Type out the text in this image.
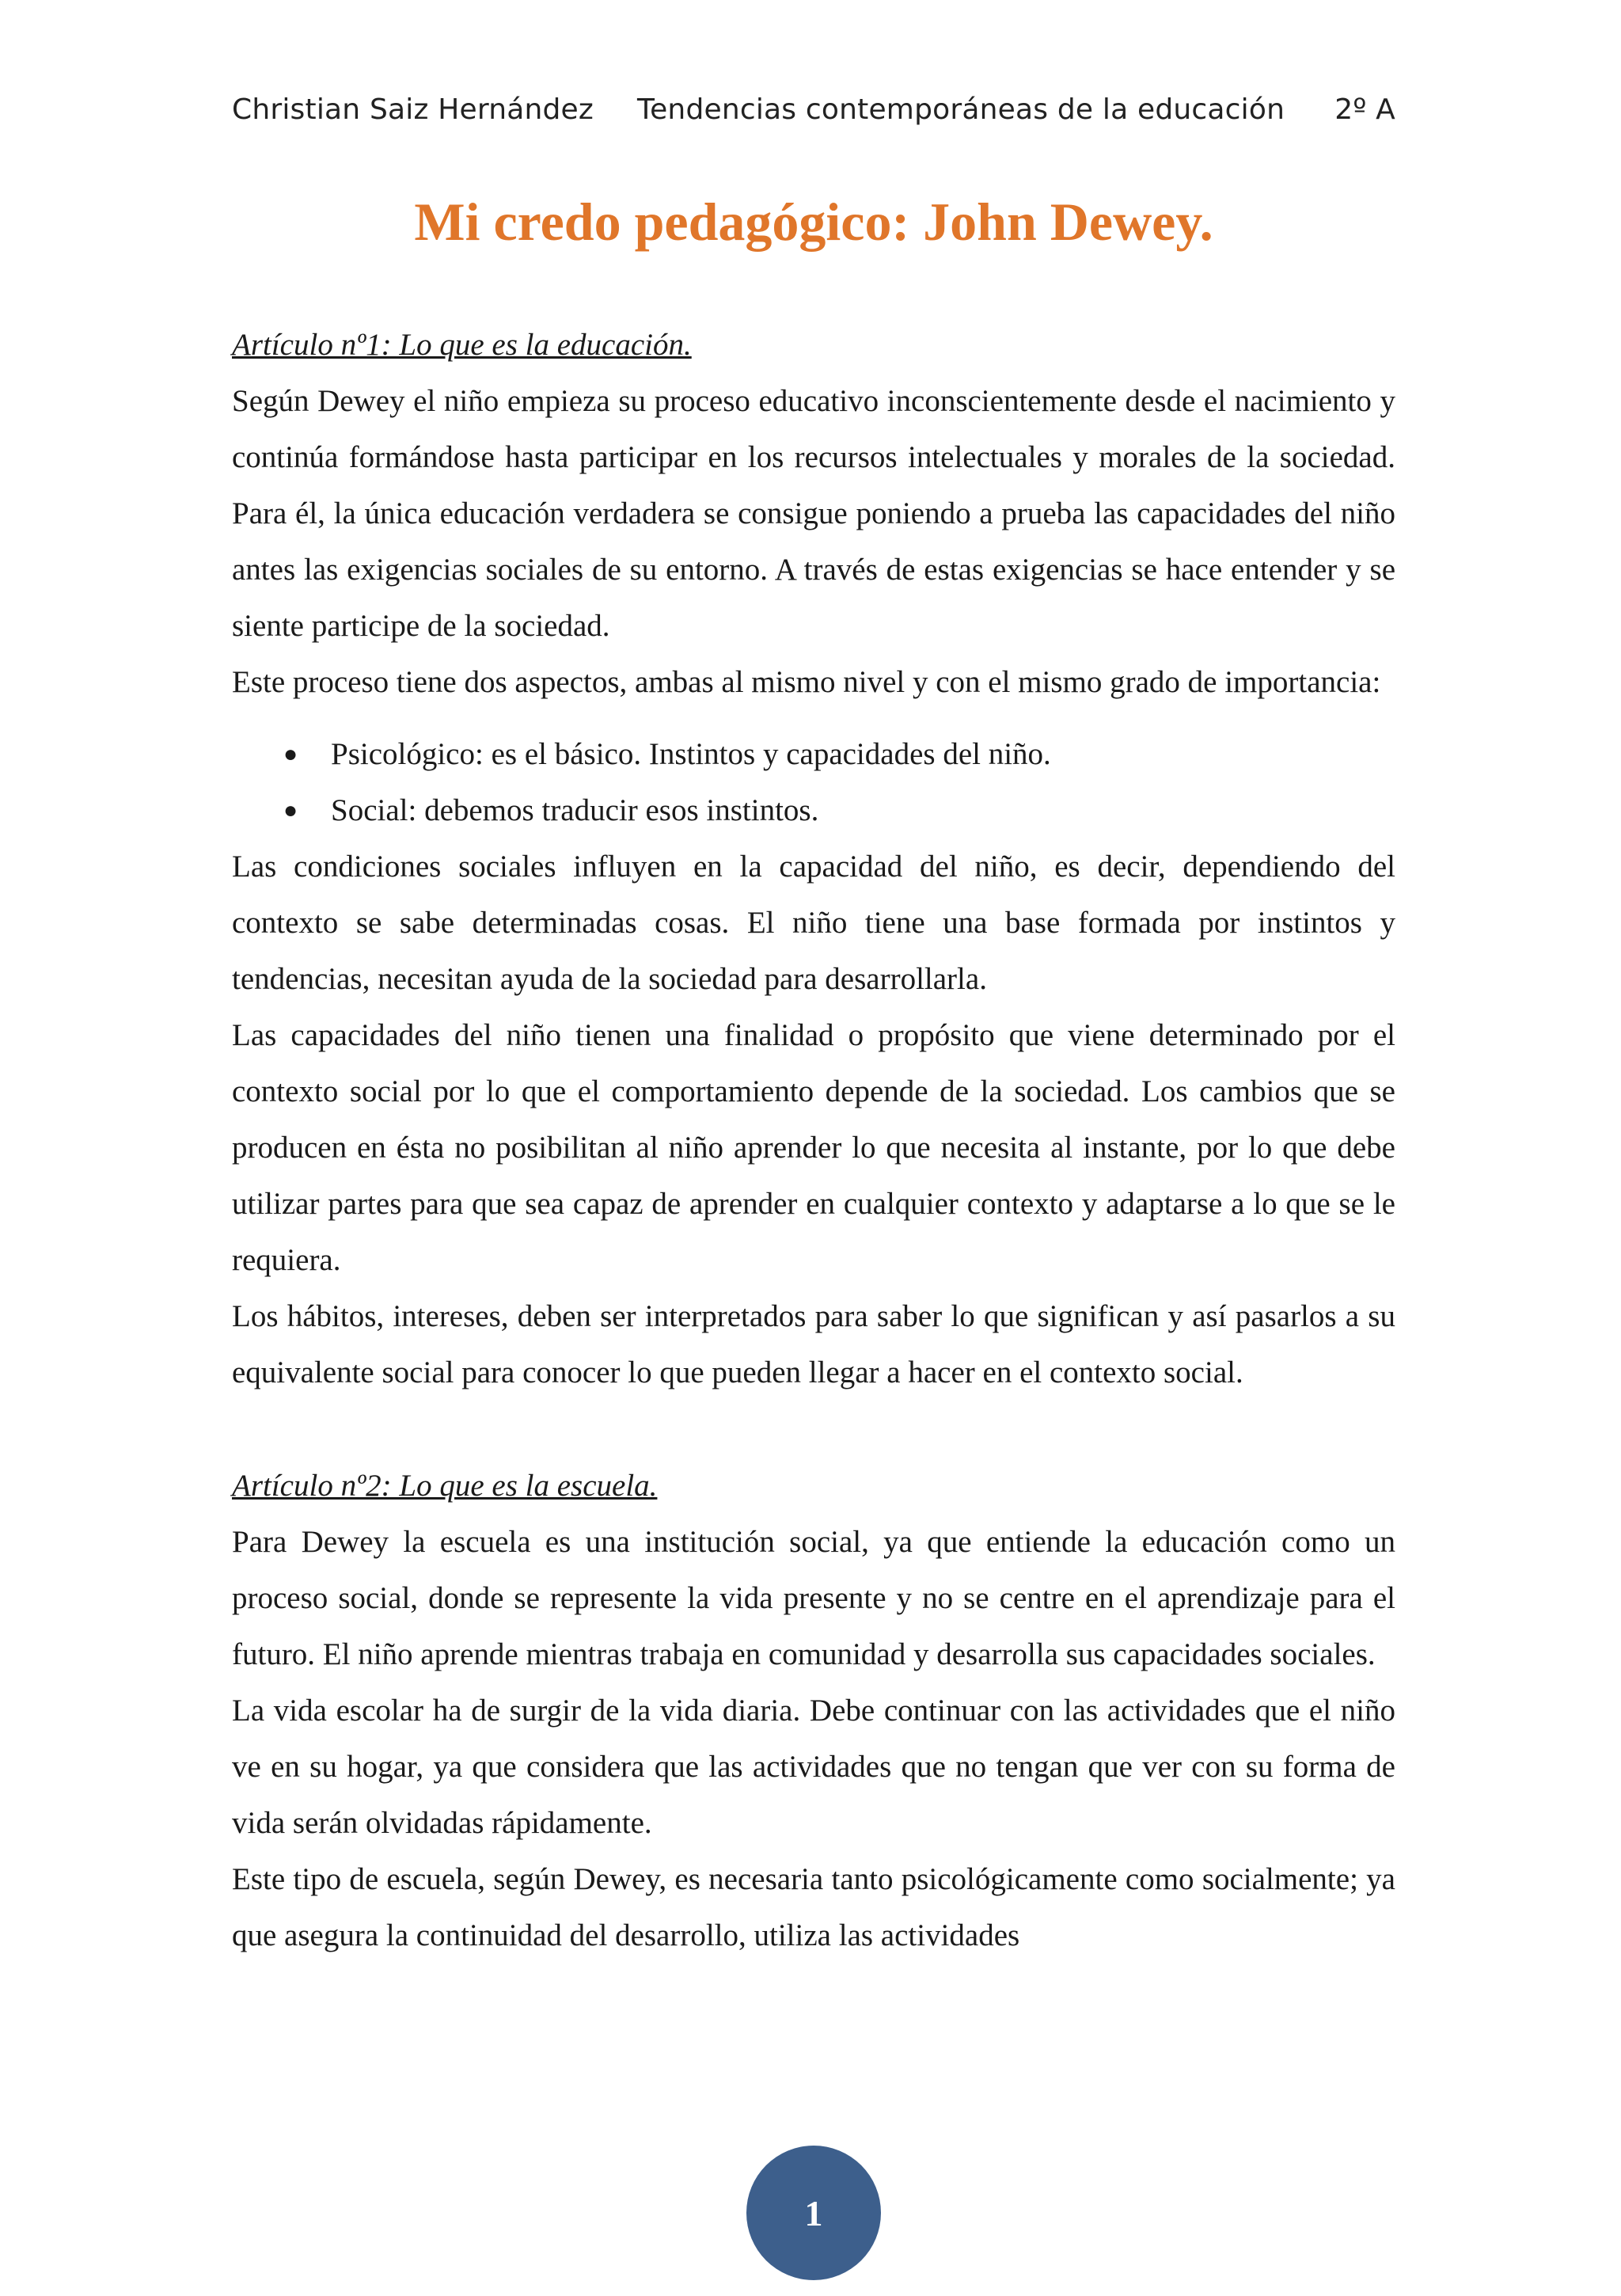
Christian Saiz Hernández Tendencias contemporáneas de la educación 2º A
Mi credo pedagógico: John Dewey.

Artículo nº1: Lo que es la educación.

Según Dewey el niño empieza su proceso educativo inconscientemente desde el nacimiento y continúa formándose hasta participar en los recursos intelectuales y morales de la sociedad. Para él, la única educación verdadera se consigue poniendo a prueba las capacidades del niño antes las exigencias sociales de su entorno. A través de estas exigencias se hace entender y se siente participe de la sociedad.

Este proceso tiene dos aspectos, ambas al mismo nivel y con el mismo grado de importancia:

● Psicológico: es el básico. Instintos y capacidades del niño.
● Social: debemos traducir esos instintos.

Las condiciones sociales influyen en la capacidad del niño, es decir, dependiendo del contexto se sabe determinadas cosas. El niño tiene una base formada por instintos y tendencias, necesitan ayuda de la sociedad para desarrollarla.

Las capacidades del niño tienen una finalidad o propósito que viene determinado por el contexto social por lo que el comportamiento depende de la sociedad. Los cambios que se producen en ésta no posibilitan al niño aprender lo que necesita al instante, por lo que debe utilizar partes para que sea capaz de aprender en cualquier contexto y adaptarse a lo que se le requiera.

Los hábitos, intereses, deben ser interpretados para saber lo que significan y así pasarlos a su equivalente social para conocer lo que pueden llegar a hacer en el contexto social.

Artículo nº2: Lo que es la escuela.

Para Dewey la escuela es una institución social, ya que entiende la educación como un proceso social, donde se represente la vida presente y no se centre en el aprendizaje para el futuro. El niño aprende mientras trabaja en comunidad y desarrolla sus capacidades sociales.

La vida escolar ha de surgir de la vida diaria. Debe continuar con las actividades que el niño ve en su hogar, ya que considera que las actividades que no tengan que ver con su forma de vida serán olvidadas rápidamente.

Este tipo de escuela, según Dewey, es necesaria tanto psicológicamente como socialmente; ya que asegura la continuidad del desarrollo, utiliza las actividades

1
